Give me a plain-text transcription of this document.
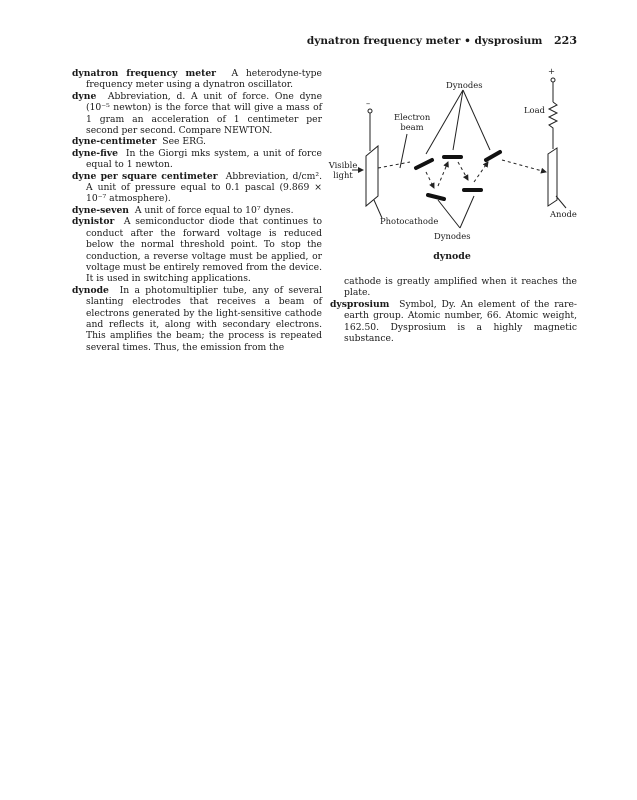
dynatron frequency meter • dysprosium 223

dynatron frequency meter A heterodyne-type frequency meter using a dynatron oscillator.

dyne Abbreviation, d. A unit of force. One dyne (10⁻⁵ newton) is the force that will give a mass of 1 gram an acceleration of 1 centimeter per second per second. Compare NEWTON.

dyne-centimeter See ERG.

dyne-five In the Giorgi mks system, a unit of force equal to 1 newton.

dyne per square centimeter Abbreviation, d/cm². A unit of pressure equal to 0.1 pascal (9.869 × 10⁻⁷ atmosphere).

dyne-seven A unit of force equal to 10⁷ dynes.

dynistor A semiconductor diode that continues to conduct after the forward voltage is reduced below the normal threshold point. To stop the conduction, a reverse voltage must be applied, or voltage must be entirely removed from the device. It is used in switching applications.

dynode In a photomultiplier tube, any of several slanting electrodes that receives a beam of electrons generated by the light-sensitive cathode and reflects it, along with secondary electrons. This amplifies the beam; the process is repeated several times. Thus, the emission from the

+
–
Dynodes
Load
Electron beam
Visible light
Photocathode
Dynodes
Anode
dynode

cathode is greatly amplified when it reaches the plate.

dysprosium Symbol, Dy. An element of the rare-earth group. Atomic number, 66. Atomic weight, 162.50. Dysprosium is a highly magnetic substance.
